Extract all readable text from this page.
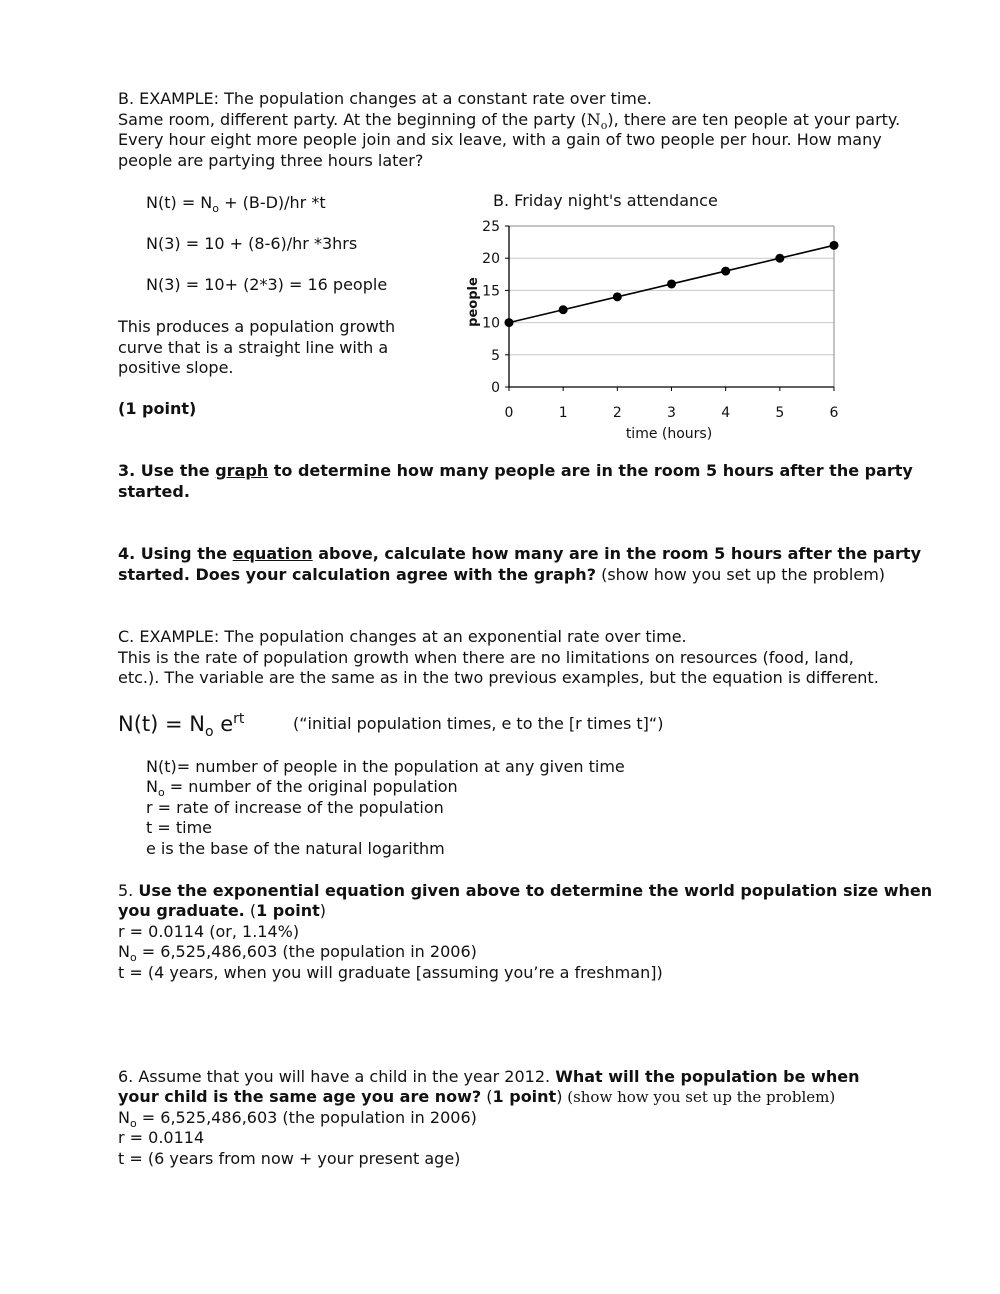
B. EXAMPLE: The population changes at a constant rate over time.
Same room, different party. At the beginning of the party $(N_o)$, there are ten people at your party.
Every hour eight more people join and six leave, with a gain of two people per hour. How many
people are partying three hours later?
$N(t) = N_o + (B-D)/hr$ *t
N(3) = 10 + (8-6)/hr *3hrs
N(3) = 10+ (2*3) = 16 people
This produces a population growth
curve that is a straight line with a
positive slope.
(1 point)
B. Friday night's attendance
0
5
10
15
20
25
0	1	2	3	4	5	6
time (hours)
people
3. Use the graph to determine how many people are in the room 5 hours after the party
started.
4. Using the equation above, calculate how many are in the room 5 hours after the party
started. Does your calculation agree with the graph? (show how you set up the problem)
C. EXAMPLE: The population changes at an exponential rate over time.
This is the rate of population growth when there are no limitations on resources (food, land,
etc.). The variable are the same as in the two previous examples, but the equation is different.
$N(t) = N_o$ $e^{rt}$	(“initial population times, e to the [r times t]“)
N(t)= number of people in the population at any given time
$N_o$ = number of the original population
r = rate of increase of the population
t = time
e is the base of the natural logarithm
5. Use the exponential equation given above to determine the world population size when
you graduate. (1 point)
r = 0.0114 (or, 1.14%)
$N_o = 6,525,486,603$ (the population in 2006)
t = (4 years, when you will graduate [assuming you’re a freshman])
6. Assume that you will have a child in the year 2012. What will the population be when
your child is the same age you are now? (1 point) (show how you set up the problem)
$N_o = 6,525,486,603$ (the population in 2006)
r = 0.0114
t = (6 years from now + your present age)
